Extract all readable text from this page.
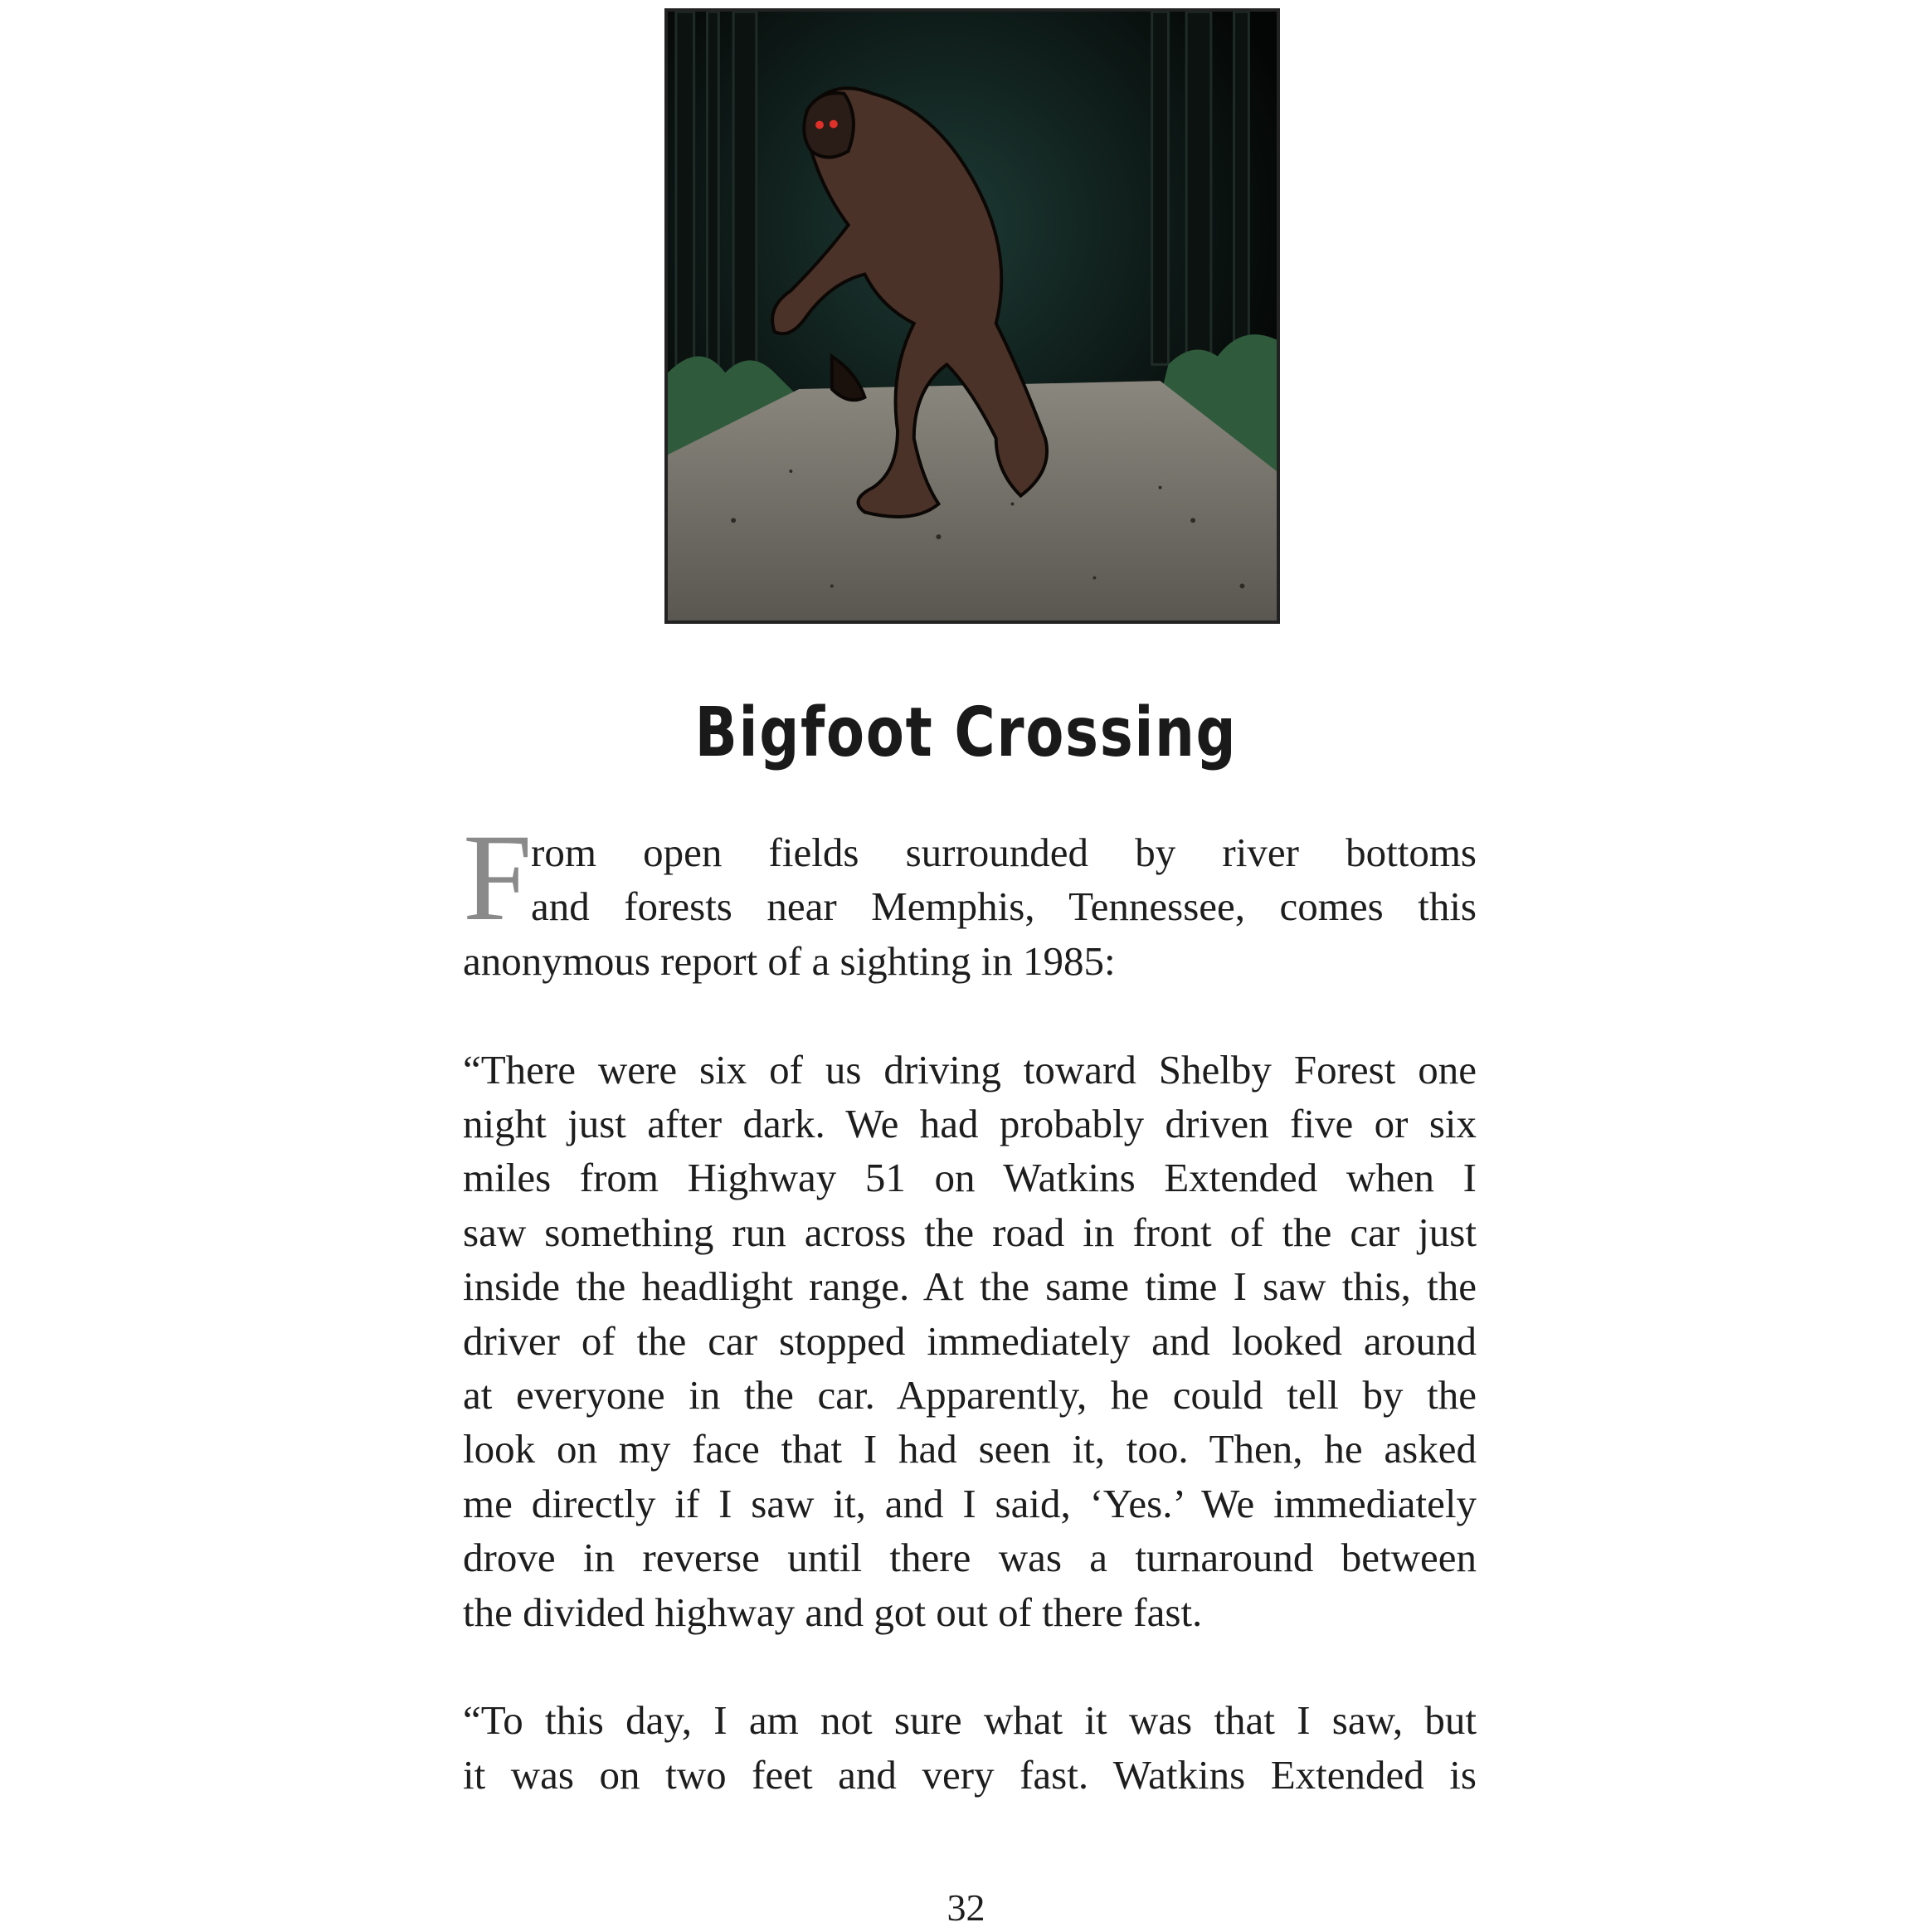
Bigfoot Crossing

F
rom open fields surrounded by river bottoms
and forests near Memphis, Tennessee, comes this
anonymous report of a sighting in 1985:

“There were six of us driving toward Shelby Forest one
night just after dark. We had probably driven five or six
miles from Highway 51 on Watkins Extended when I
saw something run across the road in front of the car just
inside the headlight range. At the same time I saw this, the
driver of the car stopped immediately and looked around
at everyone in the car. Apparently, he could tell by the
look on my face that I had seen it, too. Then, he asked
me directly if I saw it, and I said, ‘Yes.’ We immediately
drove in reverse until there was a turnaround between
the divided highway and got out of there fast.

“To this day, I am not sure what it was that I saw, but
it was on two feet and very fast. Watkins Extended is

32
